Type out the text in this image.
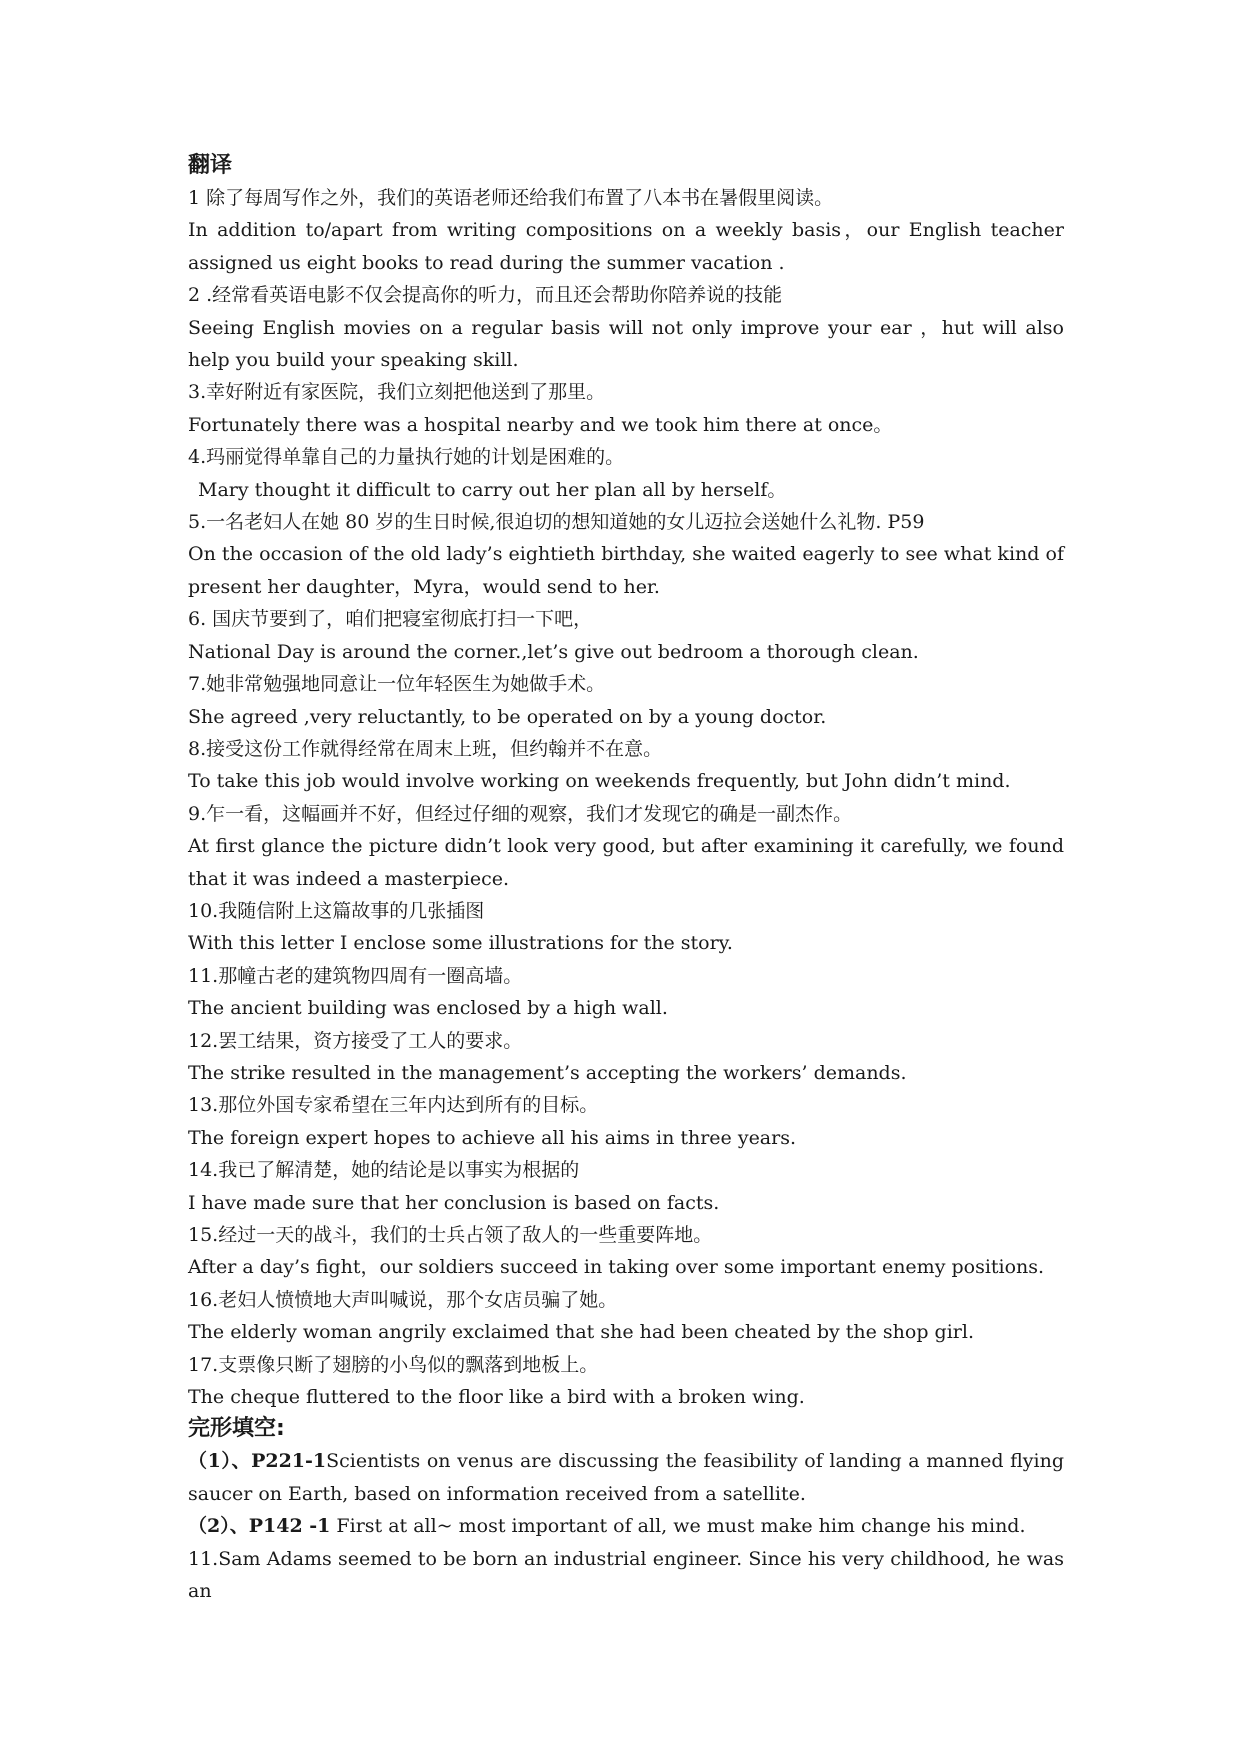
翻译

1 除了每周写作之外，我们的英语老师还给我们布置了八本书在暑假里阅读。

In addition to/apart from writing compositions on a weekly basis，our English teacher assigned us eight books to read during the summer vacation .

2 .经常看英语电影不仅会提高你的听力，而且还会帮助你陪养说的技能

Seeing English movies on a regular basis will not only improve your ear ，hut will also help you build your speaking skill.

3.幸好附近有家医院，我们立刻把他送到了那里。

Fortunately there was a hospital nearby and we took him there at once。

4.玛丽觉得单靠自己的力量执行她的计划是困难的。

Mary thought it difficult to carry out her plan all by herself。

5.一名老妇人在她 80 岁的生日时候,很迫切的想知道她的女儿迈拉会送她什么礼物. P59

On the occasion of the old lady’s eightieth birthday, she waited eagerly to see what kind of present her daughter，Myra，would send to her.

6. 国庆节要到了，咱们把寝室彻底打扫一下吧，

National Day is around the corner.,let’s give out bedroom a thorough clean.

7.她非常勉强地同意让一位年轻医生为她做手术。

She agreed ,very reluctantly, to be operated on by a young doctor.

8.接受这份工作就得经常在周末上班，但约翰并不在意。

To take this job would involve working on weekends frequently, but John didn’t mind.

9.乍一看，这幅画并不好，但经过仔细的观察，我们才发现它的确是一副杰作。

At first glance the picture didn’t look very good, but after examining it carefully, we found that it was indeed a masterpiece.

10.我随信附上这篇故事的几张插图

With this letter I enclose some illustrations for the story.

11.那幢古老的建筑物四周有一圈高墙。

The ancient building was enclosed by a high wall.

12.罢工结果，资方接受了工人的要求。

The strike resulted in the management’s accepting the workers’ demands.

13.那位外国专家希望在三年内达到所有的目标。

The foreign expert hopes to achieve all his aims in three years.

14.我已了解清楚，她的结论是以事实为根据的

I have made sure that her conclusion is based on facts.

15.经过一天的战斗，我们的士兵占领了敌人的一些重要阵地。

After a day’s fight，our soldiers succeed in taking over some important enemy positions.

16.老妇人愤愤地大声叫喊说，那个女店员骗了她。

The elderly woman angrily exclaimed that she had been cheated by the shop girl.

17.支票像只断了翅膀的小鸟似的飘落到地板上。

The cheque fluttered to the floor like a bird with a broken wing.

完形填空:

（1）、P221-1Scientists on venus are discussing the feasibility of landing a manned flying saucer on Earth, based on information received from a satellite.

（2）、P142 -1 First at all~ most important of all, we must make him change his mind.

11.Sam Adams seemed to be born an industrial engineer. Since his very childhood, he was an
